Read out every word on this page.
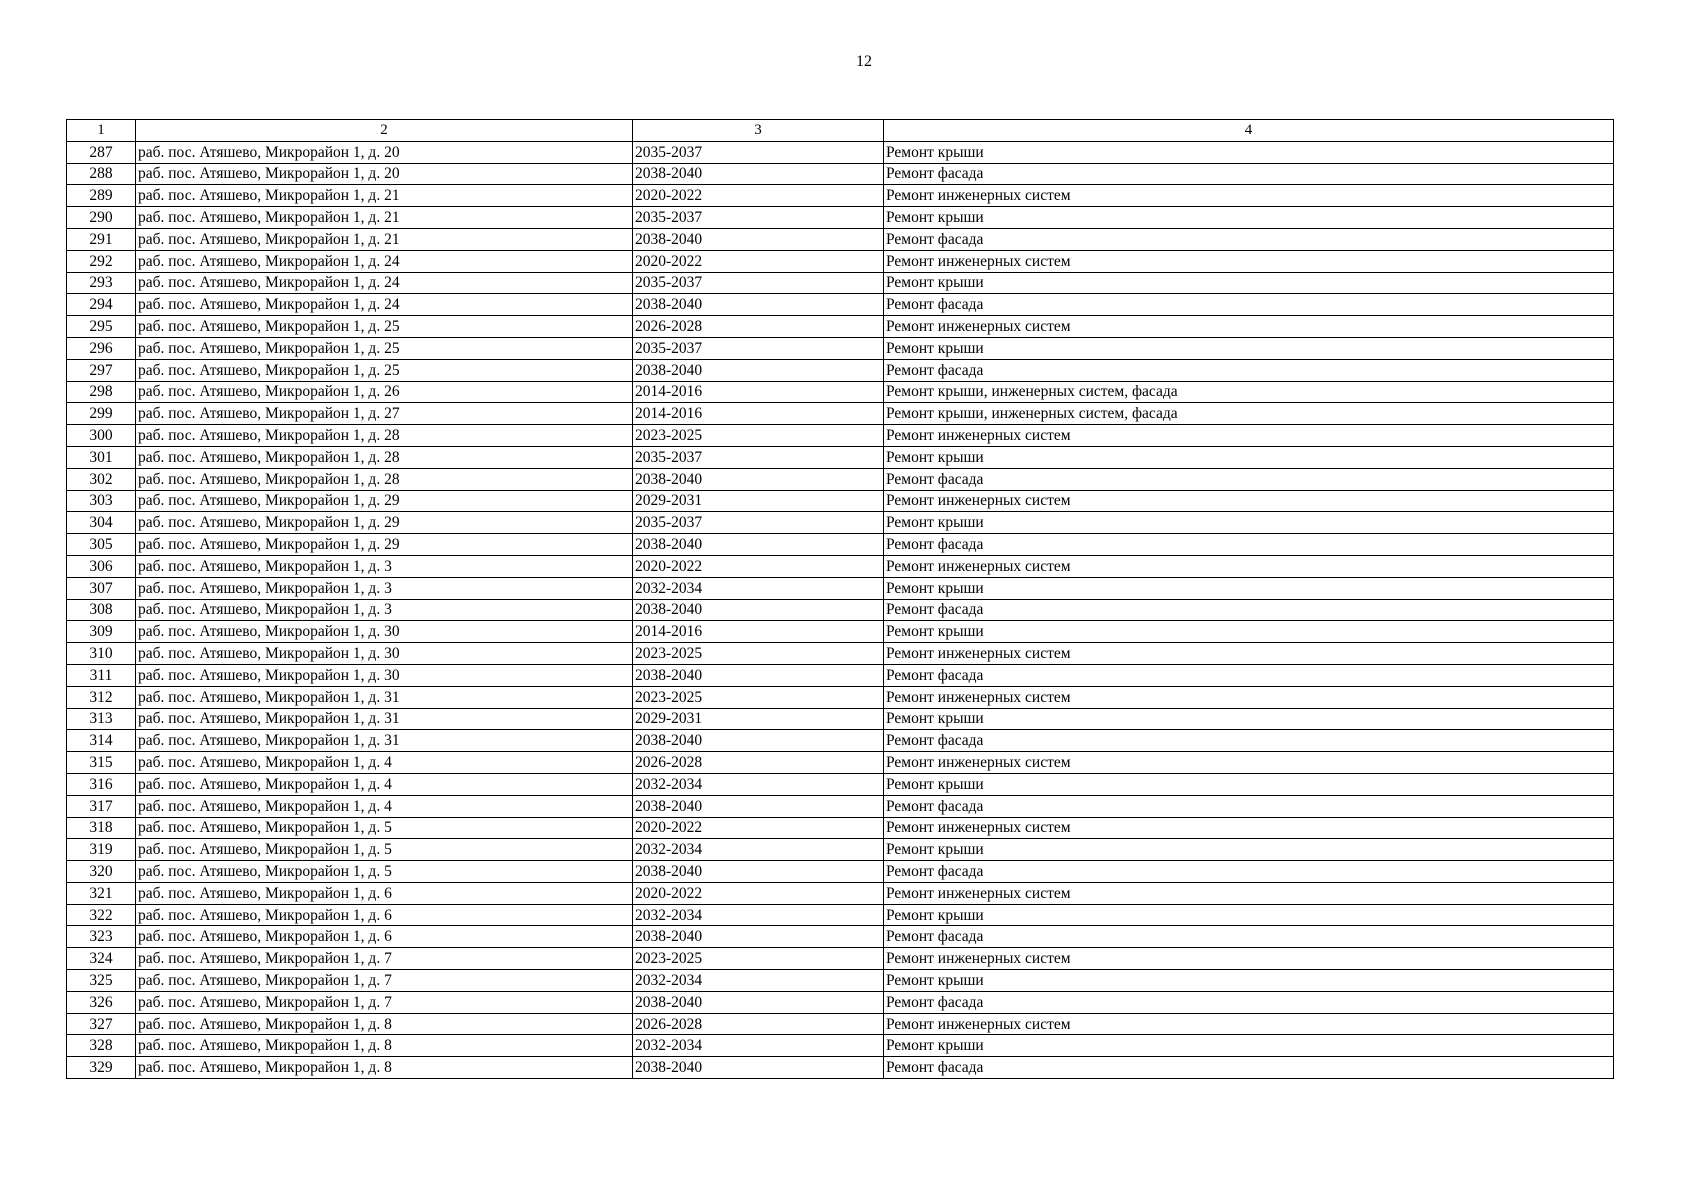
12
1	2	3	4
287	раб. пос. Атяшево, Микрорайон 1, д. 20	2035-2037	Ремонт крыши
288	раб. пос. Атяшево, Микрорайон 1, д. 20	2038-2040	Ремонт фасада
289	раб. пос. Атяшево, Микрорайон 1, д. 21	2020-2022	Ремонт инженерных систем
290	раб. пос. Атяшево, Микрорайон 1, д. 21	2035-2037	Ремонт крыши
291	раб. пос. Атяшево, Микрорайон 1, д. 21	2038-2040	Ремонт фасада
292	раб. пос. Атяшево, Микрорайон 1, д. 24	2020-2022	Ремонт инженерных систем
293	раб. пос. Атяшево, Микрорайон 1, д. 24	2035-2037	Ремонт крыши
294	раб. пос. Атяшево, Микрорайон 1, д. 24	2038-2040	Ремонт фасада
295	раб. пос. Атяшево, Микрорайон 1, д. 25	2026-2028	Ремонт инженерных систем
296	раб. пос. Атяшево, Микрорайон 1, д. 25	2035-2037	Ремонт крыши
297	раб. пос. Атяшево, Микрорайон 1, д. 25	2038-2040	Ремонт фасада
298	раб. пос. Атяшево, Микрорайон 1, д. 26	2014-2016	Ремонт крыши, инженерных систем, фасада
299	раб. пос. Атяшево, Микрорайон 1, д. 27	2014-2016	Ремонт крыши, инженерных систем, фасада
300	раб. пос. Атяшево, Микрорайон 1, д. 28	2023-2025	Ремонт инженерных систем
301	раб. пос. Атяшево, Микрорайон 1, д. 28	2035-2037	Ремонт крыши
302	раб. пос. Атяшево, Микрорайон 1, д. 28	2038-2040	Ремонт фасада
303	раб. пос. Атяшево, Микрорайон 1, д. 29	2029-2031	Ремонт инженерных систем
304	раб. пос. Атяшево, Микрорайон 1, д. 29	2035-2037	Ремонт крыши
305	раб. пос. Атяшево, Микрорайон 1, д. 29	2038-2040	Ремонт фасада
306	раб. пос. Атяшево, Микрорайон 1, д. 3	2020-2022	Ремонт инженерных систем
307	раб. пос. Атяшево, Микрорайон 1, д. 3	2032-2034	Ремонт крыши
308	раб. пос. Атяшево, Микрорайон 1, д. 3	2038-2040	Ремонт фасада
309	раб. пос. Атяшево, Микрорайон 1, д. 30	2014-2016	Ремонт крыши
310	раб. пос. Атяшево, Микрорайон 1, д. 30	2023-2025	Ремонт инженерных систем
311	раб. пос. Атяшево, Микрорайон 1, д. 30	2038-2040	Ремонт фасада
312	раб. пос. Атяшево, Микрорайон 1, д. 31	2023-2025	Ремонт инженерных систем
313	раб. пос. Атяшево, Микрорайон 1, д. 31	2029-2031	Ремонт крыши
314	раб. пос. Атяшево, Микрорайон 1, д. 31	2038-2040	Ремонт фасада
315	раб. пос. Атяшево, Микрорайон 1, д. 4	2026-2028	Ремонт инженерных систем
316	раб. пос. Атяшево, Микрорайон 1, д. 4	2032-2034	Ремонт крыши
317	раб. пос. Атяшево, Микрорайон 1, д. 4	2038-2040	Ремонт фасада
318	раб. пос. Атяшево, Микрорайон 1, д. 5	2020-2022	Ремонт инженерных систем
319	раб. пос. Атяшево, Микрорайон 1, д. 5	2032-2034	Ремонт крыши
320	раб. пос. Атяшево, Микрорайон 1, д. 5	2038-2040	Ремонт фасада
321	раб. пос. Атяшево, Микрорайон 1, д. 6	2020-2022	Ремонт инженерных систем
322	раб. пос. Атяшево, Микрорайон 1, д. 6	2032-2034	Ремонт крыши
323	раб. пос. Атяшево, Микрорайон 1, д. 6	2038-2040	Ремонт фасада
324	раб. пос. Атяшево, Микрорайон 1, д. 7	2023-2025	Ремонт инженерных систем
325	раб. пос. Атяшево, Микрорайон 1, д. 7	2032-2034	Ремонт крыши
326	раб. пос. Атяшево, Микрорайон 1, д. 7	2038-2040	Ремонт фасада
327	раб. пос. Атяшево, Микрорайон 1, д. 8	2026-2028	Ремонт инженерных систем
328	раб. пос. Атяшево, Микрорайон 1, д. 8	2032-2034	Ремонт крыши
329	раб. пос. Атяшево, Микрорайон 1, д. 8	2038-2040	Ремонт фасада
